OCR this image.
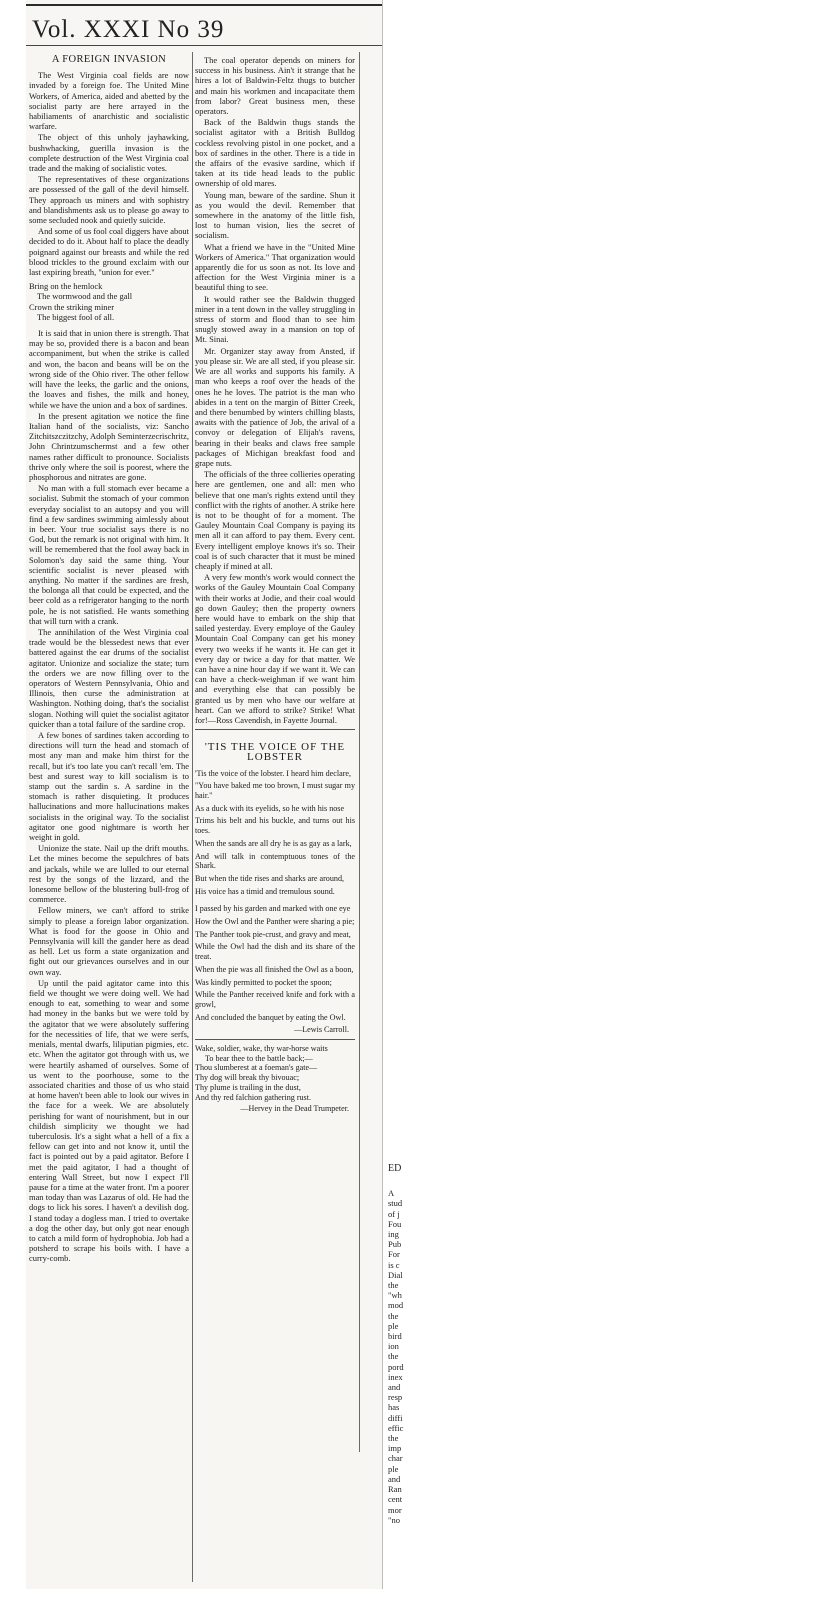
Vol. XXXI No 39
A FOREIGN INVASION

The West Virginia coal fields are now invaded by a foreign foe. The United Mine Workers, of America, aided and abetted by the socialist party are here arrayed in the habiliaments of anarchistic and socialistic warfare.

The object of this unholy jayhawking, bushwhacking, guerilla invasion is the complete destruction of the West Virginia coal trade and the making of socialistic votes.

The representatives of these organizations are possessed of the gall of the devil himself. They approach us miners and with sophistry and blandishments ask us to please go away to some secluded nook and quietly suicide.

And some of us fool coal diggers have about decided to do it. About half to place the deadly poignard against our breasts and while the red blood trickles to the ground exclaim with our last expiring breath, "union for ever."

Bring on the hemlock
The wormwood and the gall
Crown the striking miner
The biggest fool of all.

It is said that in union there is strength. That may be so, provided there is a bacon and bean accompaniment, but when the strike is called and won, the bacon and beans will be on the wrong side of the Ohio river. The other fellow will have the leeks, the garlic and the onions, the loaves and fishes, the milk and honey, while we have the union and a box of sardines.

In the present agitation we notice the fine Italian hand of the socialists, viz: Sancho Zitchitszczitzchy, Adolph Seminterzecrischritz, John Chrintzumschermst and a few other names rather difficult to pronounce. Socialists thrive only where the soil is poorest, where the phosphorous and nitrates are gone.

No man with a full stomach ever became a socialist. Submit the stomach of your common everyday socialist to an autopsy and you will find a few sardines swimming aimlessly about in beer. Your true socialist says there is no God, but the remark is not original with him. It will be remembered that the fool away back in Solomon's day said the same thing. Your scientific socialist is never pleased with anything. No matter if the sardines are fresh, the bolonga all that could be expected, and the beer cold as a refrigerator hanging to the north pole, he is not satisfied. He wants something that will turn with a crank.

The annihilation of the West Virginia coal trade would be the blessedest news that ever battered against the ear drums of the socialist agitator. Unionize and socialize the state; turn the orders we are now filling over to the operators of Western Pennsylvania, Ohio and Illinois, then curse the administration at Washington. Nothing doing, that's the socialist slogan. Nothing will quiet the socialist agitator quicker than a total failure of the sardine crop.

A few bones of sardines taken according to directions will turn the head and stomach of most any man and make him thirst for the recall, but it's too late you can't recall 'em. The best and surest way to kill socialism is to stamp out the sardin s. A sardine in the stomach is rather disquieting. It produces hallucinations and more hallucinations makes socialists in the original way. To the socialist agitator one good nightmare is worth her weight in gold.

Unionize the state. Nail up the drift mouths. Let the mines become the sepulchres of bats and jackals, while we are lulled to our eternal rest by the songs of the lizzard, and the lonesome bellow of the blustering bull-frog of commerce.

Fellow miners, we can't afford to strike simply to please a foreign labor organization. What is food for the goose in Ohio and Pennsylvania will kill the gander here as dead as hell. Let us form a state organization and fight out our grievances ourselves and in our own way.

Up until the paid agitator came into this field we thought we were doing well. We had enough to eat, something to wear and some had money in the banks but we were told by the agitator that we were absolutely suffering for the necessities of life, that we were serfs, menials, mental dwarfs, liliputian pigmies, etc. etc. When the agitator got through with us, we were heartily ashamed of ourselves. Some of us went to the poorhouse, some to the associated charities and those of us who staid at home haven't been able to look our wives in the face for a week. We are absolutely perishing for want of nourishment, but in our childish simplicity we thought we had tuberculosis. It's a sight what a hell of a fix a fellow can get into and not know it, until the fact is pointed out by a paid agitator. Before I met the paid agitator, I had a thought of entering Wall Street, but now I expect I'll pause for a time at the water front. I'm a poorer man today than was Lazarus of old. He had the dogs to lick his sores. I haven't a devilish dog. I stand today a dogless man. I tried to overtake a dog the other day, but only got near enough to catch a mild form of hydrophobia. Job had a potsherd to scrape his boils with. I have a curry-comb.

The coal operator depends on miners for success in his business. Ain't it strange that he hires a lot of Baldwin-Feltz thugs to butcher and main his workmen and incapacitate them from labor? Great business men, these operators.

Back of the Baldwin thugs stands the socialist agitator with a British Bulldog cockless revolving pistol in one pocket, and a box of sardines in the other. There is a tide in the affairs of the evasive sardine, which if taken at its tide head leads to the public ownership of old mares.

Young man, beware of the sardine. Shun it as you would the devil. Remember that somewhere in the anatomy of the little fish, lost to human vision, lies the secret of socialism.

What a friend we have in the "United Mine Workers of America." That organization would apparently die for us soon as not. Its love and affection for the West Virginia miner is a beautiful thing to see.

It would rather see the Baldwin thugged miner in a tent down in the valley struggling in stress of storm and flood than to see him snugly stowed away in a mansion on top of Mt. Sinai.

Mr. Organizer stay away from Ansted, if you please sir. We are all sted, if you please sir. We are all works and supports his family. A man who keeps a roof over the heads of the ones he he loves. The patriot is the man who abides in a tent on the margin of Bitter Creek, and there benumbed by winters chilling blasts, awaits with the patience of Job, the arival of a convoy or delegation of Elijah's ravens, bearing in their beaks and claws free sample packages of Michigan breakfast food and grape nuts.

The officials of the three collieries operating here are gentlemen, one and all: men who believe that one man's rights extend until they conflict with the rights of another. A strike here is not to be thought of for a moment. The Gauley Mountain Coal Company is paying its men all it can afford to pay them. Every cent. Every intelligent employe knows it's so. Their coal is of such character that it must be mined cheaply if mined at all.

A very few month's work would connect the works of the Gauley Mountain Coal Company with their works at Jodie, and their coal would go down Gauley; then the property owners here would have to embark on the ship that sailed yesterday. Every employe of the Gauley Mountain Coal Company can get his money every two weeks if he wants it. He can get it every day or twice a day for that matter. We can have a nine hour day if we want it. We can can have a check-weighman if we want him and everything else that can possibly be granted us by men who have our welfare at heart. Can we afford to strike? Strike! What for!—Ross Cavendish, in Fayette Journal.

'TIS THE VOICE OF THE LOBSTER
'Tis the voice of the lobster. I heard him declare,
"You have baked me too brown, I must sugar my hair."
As a duck with its eyelids, so he with his nose
Trims his belt and his buckle, and turns out his toes.
When the sands are all dry he is as gay as a lark,
And will talk in contemptuous tones of the Shark.
But when the tide rises and sharks are around,
His voice has a timid and tremulous sound.
I passed by his garden and marked with one eye
How the Owl and the Panther were sharing a pie;
The Panther took pie-crust, and gravy and meat,
While the Owl had the dish and its share of the treat.
When the pie was all finished the Owl as a boon,
Was kindly permitted to pocket the spoon;
While the Panther received knife and fork with a growl,
And concluded the banquet by eating the Owl.
—Lewis Carroll.
Wake, soldier, wake, thy war-horse waits
To bear thee to the battle back;—
Thou slumberest at a foeman's gate—
Thy dog will break thy bivouac;
Thy plume is trailing in the dust,
And thy red falchion gathering rust.
—Hervey in the Dead Trumpeter.
ED
A
stud
of j
Fou
ing
Pub
For
is c
Dial
the
"wh
mod
the
ple
bird
ion
the
pord
inex
and
resp
has
diffi
effic
the
imp
char
ple
and
Ran
cent
mor
"no
